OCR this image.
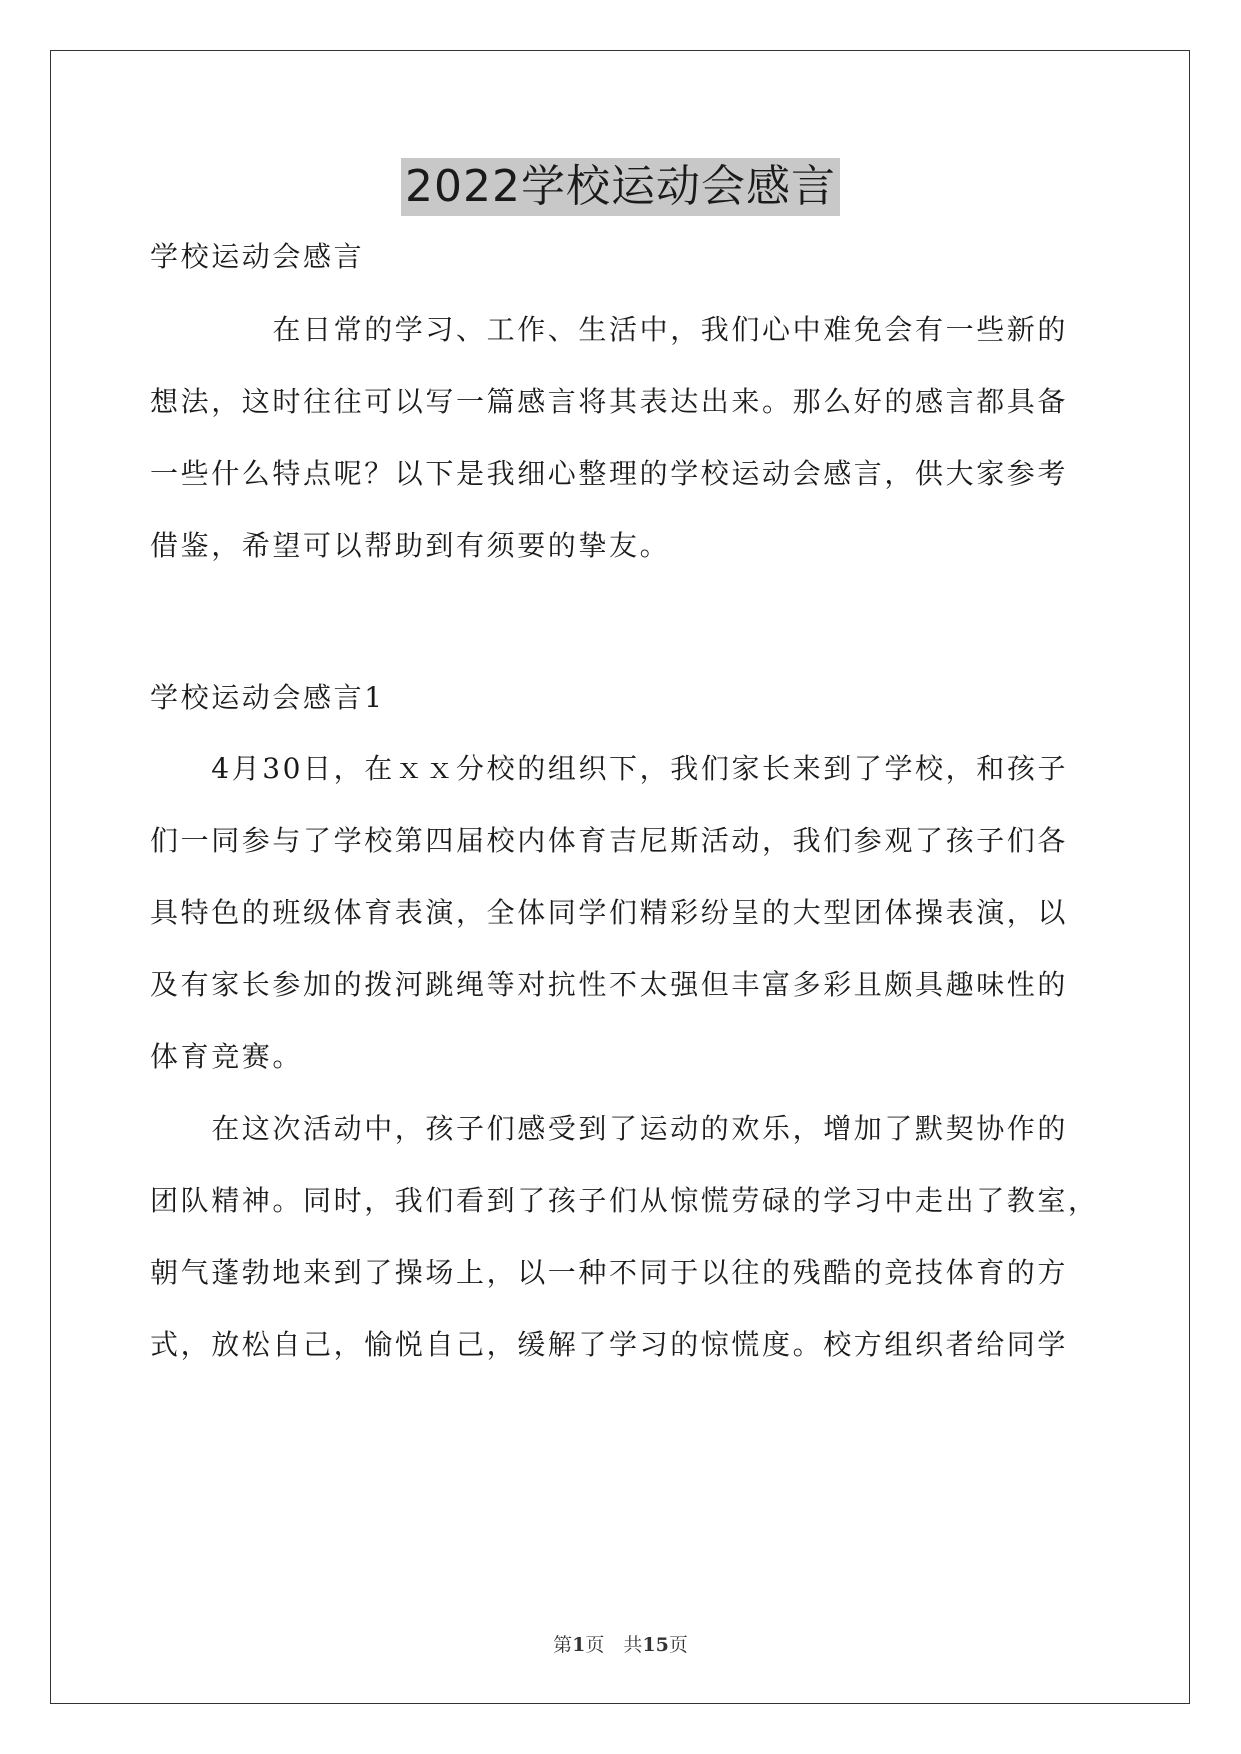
2022学校运动会感言
学校运动会感言
　　　　在日常的学习、工作、生活中，我们心中难免会有一些新的
想法，这时往往可以写一篇感言将其表达出来。那么好的感言都具备
一些什么特点呢？以下是我细心整理的学校运动会感言，供大家参考
借鉴，希望可以帮助到有须要的挚友。
学校运动会感言1
　　4月30日，在ｘｘ分校的组织下，我们家长来到了学校，和孩子
们一同参与了学校第四届校内体育吉尼斯活动，我们参观了孩子们各
具特色的班级体育表演，全体同学们精彩纷呈的大型团体操表演，以
及有家长参加的拨河跳绳等对抗性不太强但丰富多彩且颇具趣味性的
体育竞赛。
　　在这次活动中，孩子们感受到了运动的欢乐，增加了默契协作的
团队精神。同时，我们看到了孩子们从惊慌劳碌的学习中走出了教室，
朝气蓬勃地来到了操场上，以一种不同于以往的残酷的竞技体育的方
式，放松自己，愉悦自己，缓解了学习的惊慌度。校方组织者给同学
第1页　共15页
